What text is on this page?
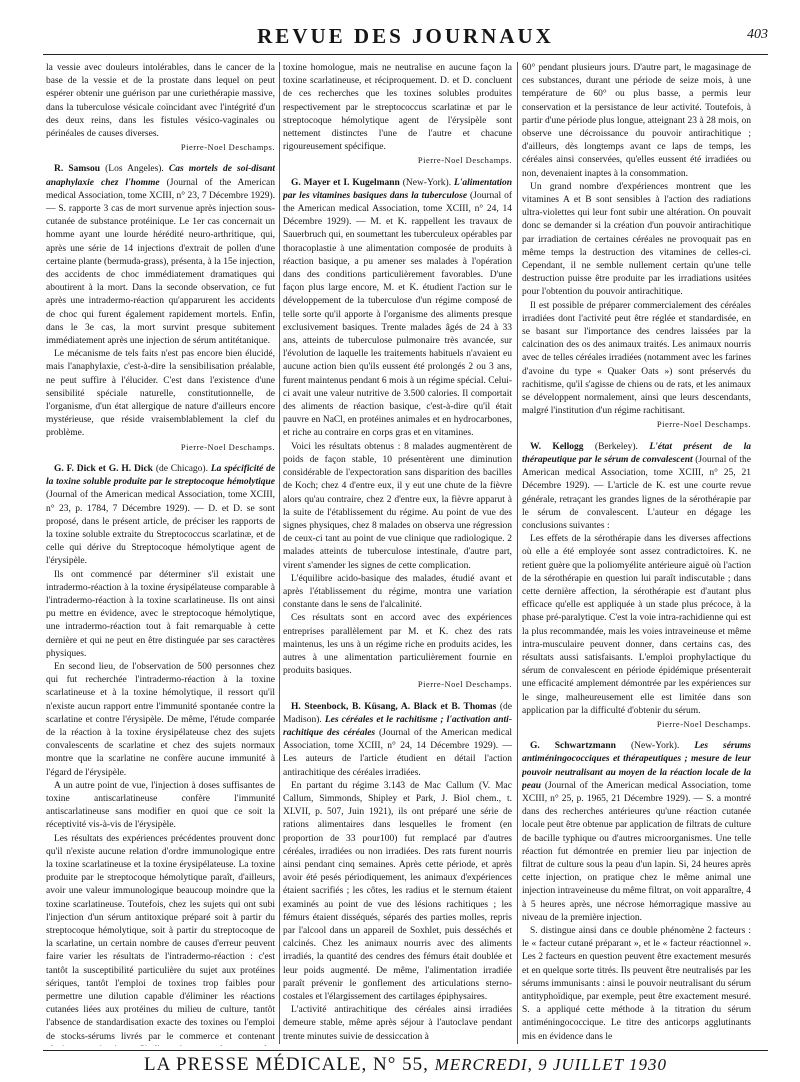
REVUE DES JOURNAUX	403

la vessie avec douleurs intolérables, dans le cancer de la base de la vessie et de la prostate dans lequel on peut espérer obtenir une guérison par une curiethérapie massive, dans la tuberculose vésicale coïncidant avec l'intégrité d'un des deux reins, dans les fistules vésico-vaginales ou périnéales de causes diverses.

Pierre-Noel Deschamps.

R. Samsou (Los Angeles). Cas mortels de soi-disant anaphylaxie chez l'homme (Journal of the American medical Association, tome XCIII, n° 23, 7 Décembre 1929). — S. rapporte 3 cas de mort survenue après injection sous-cutanée de substance protéinique. Le 1er cas concernait un homme ayant une lourde hérédité neuro-arthritique, qui, après une série de 14 injections d'extrait de pollen d'une certaine plante (bermuda-grass), présenta, à la 15e injection, des accidents de choc immédiatement dramatiques qui aboutirent à la mort. Dans la seconde observation, ce fut après une intradermo-réaction qu'apparurent les accidents de choc qui furent également rapidement mortels. Enfin, dans le 3e cas, la mort survint presque subitement immédiatement après une injection de sérum antitétanique.

Le mécanisme de tels faits n'est pas encore bien élucidé, mais l'anaphylaxie, c'est-à-dire la sensibilisation préalable, ne peut suffire à l'élucider. C'est dans l'existence d'une sensibilité spéciale naturelle, constitutionnelle, de l'organisme, d'un état allergique de nature d'ailleurs encore mystérieuse, que réside vraisemblablement la clef du problème.

Pierre-Noel Deschamps.

G. F. Dick et G. H. Dick (de Chicago). La spécificité de la toxine soluble produite par le streptocoque hémolytique (Journal of the American medical Association, tome XCIII, n° 23, p. 1784, 7 Décembre 1929). — D. et D. se sont proposé, dans le présent article, de préciser les rapports de la toxine soluble extraite du Streptococcus scarlatinæ, et de celle qui dérive du Streptocoque hémolytique agent de l'érysipèle.

Ils ont commencé par déterminer s'il existait une intradermo-réaction à la toxine érysipélateuse comparable à l'intradermo-réaction à la toxine scarlatineuse. Ils ont ainsi pu mettre en évidence, avec le streptocoque hémolytique, une intradermo-réaction tout à fait remarquable à cette dernière et qui ne peut en être distinguée par ses caractères physiques.

En second lieu, de l'observation de 500 personnes chez qui fut recherchée l'intradermo-réaction à la toxine scarlatineuse et à la toxine hémolytique, il ressort qu'il n'existe aucun rapport entre l'immunité spontanée contre la scarlatine et contre l'érysipèle. De même, l'étude comparée de la réaction à la toxine érysipélateuse chez des sujets convalescents de scarlatine et chez des sujets normaux montre que la scarlatine ne confère aucune immunité à l'égard de l'érysipèle.

A un autre point de vue, l'injection à doses suffisantes de toxine antiscarlatineuse confère l'immunité antiscarlatineuse sans modifier en quoi que ce soit la réceptivité vis-à-vis de l'érysipèle.

Les résultats des expériences précédentes prouvent donc qu'il n'existe aucune relation d'ordre immunologique entre la toxine scarlatineuse et la toxine érysipélateuse. La toxine produite par le streptocoque hémolytique paraît, d'ailleurs, avoir une valeur immunologique beaucoup moindre que la toxine scarlatineuse. Toutefois, chez les sujets qui ont subi l'injection d'un sérum antitoxique préparé soit à partir du streptocoque hémolytique, soit à partir du streptocoque de la scarlatine, un certain nombre de causes d'erreur peuvent faire varier les résultats de l'intradermo-réaction : c'est tantôt la susceptibilité particulière du sujet aux protéines sériques, tantôt l'emploi de toxines trop faibles pour permettre une dilution capable d'éliminer les réactions cutanées liées aux protéines du milieu de culture, tantôt l'absence de standardisation exacte des toxines ou l'emploi de stocks-sérums livrés par le commerce et contenant

toxine homologue, mais ne neutralise en aucune façon la toxine scarlatineuse, et réciproquement. D. et D. concluent de ces recherches que les toxines solubles produites respectivement par le streptococcus scarlatinæ et par le streptocoque hémolytique agent de l'érysipèle sont nettement distinctes l'une de l'autre et chacune rigoureusement spécifique.

Pierre-Noel Deschamps.

G. Mayer et I. Kugelmann (New-York). L'alimentation par les vitamines basiques dans la tuberculose (Journal of the American medical Association, tome XCIII, n° 24, 14 Décembre 1929). — M. et K. rappellent les travaux de Sauerbruch qui, en soumettant les tuberculeux opérables par thoracoplastie à une alimentation composée de produits à réaction basique, a pu amener ses malades à l'opération dans des conditions particulièrement favorables. D'une façon plus large encore, M. et K. étudient l'action sur le développement de la tuberculose d'un régime composé de telle sorte qu'il apporte à l'organisme des aliments presque exclusivement basiques. Trente malades âgés de 24 à 33 ans, atteints de tuberculose pulmonaire très avancée, sur l'évolution de laquelle les traitements habituels n'avaient eu aucune action bien qu'ils eussent été prolongés 2 ou 3 ans, furent maintenus pendant 6 mois à un régime spécial. Celui-ci avait une valeur nutritive de 3.500 calories. Il comportait des aliments de réaction basique, c'est-à-dire qu'il était pauvre en NaCl, en protéines animales et en hydrocarbones, et riche au contraire en corps gras et en vitamines.

Voici les résultats obtenus : 8 malades augmentèrent de poids de façon stable, 10 présentèrent une diminution considérable de l'expectoration sans disparition des bacilles de Koch; chez 4 d'entre eux, il y eut une chute de la fièvre alors qu'au contraire, chez 2 d'entre eux, la fièvre apparut à la suite de l'établissement du régime. Au point de vue des signes physiques, chez 8 malades on observa une régression de ceux-ci tant au point de vue clinique que radiologique. 2 malades atteints de tuberculose intestinale, d'autre part, virent s'amender les signes de cette complication.

L'équilibre acido-basique des malades, étudié avant et après l'établissement du régime, montra une variation constante dans le sens de l'alcalinité.

Ces résultats sont en accord avec des expériences entreprises parallèlement par M. et K. chez des rats maintenus, les uns à un régime riche en produits acides, les autres à une alimentation particulièrement fournie en produits basiques.

Pierre-Noel Deschamps.

H. Steenbock, B. Küsang, A. Black et B. Thomas (de Madison). Les céréales et le rachitisme ; l'activation anti-rachitique des céréales (Journal of the American medical Association, tome XCIII, n° 24, 14 Décembre 1929). — Les auteurs de l'article étudient en détail l'action antirachitique des céréales irradiées.

En partant du régime 3.143 de Mac Callum (V. Mac Callum, Simmonds, Shipley et Park, J. Biol chem., t. XLVII, p. 507, Juin 1921), ils ont préparé une série de rations alimentaires dans lesquelles le froment (en proportion de 33 pour100) fut remplacé par d'autres céréales, irradiées ou non irradiées. Des rats furent nourris ainsi pendant cinq semaines. Après cette période, et après avoir été pesés périodiquement, les animaux d'expériences étaient sacrifiés ; les côtes, les radius et le sternum étaient examinés au point de vue des lésions rachitiques ; les fémurs étaient disséqués, séparés des parties molles, repris par l'alcool dans un appareil de Soxhlet, puis desséchés et calcinés. Chez les animaux nourris avec des aliments irradiés, la quantité des cendres des fémurs était doublée et leur poids augmenté. De même, l'alimentation irradiée paraît prévenir le gonflement des articulations sterno-costales et l'élargissement des cartilages épiphysaires.

L'activité antirachitique des céréales ainsi irradiées demeure stable, même après séjour à l'autoclave pendant trente minutes suivie de dessiccation à

60° pendant plusieurs jours. D'autre part, le magasinage de ces substances, durant une période de seize mois, à une température de 60° ou plus basse, a permis leur conservation et la persistance de leur activité. Toutefois, à partir d'une période plus longue, atteignant 23 à 28 mois, on observe une décroissance du pouvoir antirachitique ; d'ailleurs, dès longtemps avant ce laps de temps, les céréales ainsi conservées, qu'elles eussent été irradiées ou non, devenaient inaptes à la consommation.

Un grand nombre d'expériences montrent que les vitamines A et B sont sensibles à l'action des radiations ultra-violettes qui leur font subir une altération. On pouvait donc se demander si la création d'un pouvoir antirachitique par irradiation de certaines céréales ne provoquait pas en même temps la destruction des vitamines de celles-ci. Cependant, il ne semble nullement certain qu'une telle destruction puisse être produite par les irradiations usitées pour l'obtention du pouvoir antirachitique.

Il est possible de préparer commercialement des céréales irradiées dont l'activité peut être réglée et standardisée, en se basant sur l'importance des cendres laissées par la calcination des os des animaux traités. Les animaux nourris avec de telles céréales irradiées (notamment avec les farines d'avoine du type « Quaker Oats ») sont préservés du rachitisme, qu'il s'agisse de chiens ou de rats, et les animaux se développent normalement, ainsi que leurs descendants, malgré l'institution d'un régime rachitisant.

Pierre-Noel Deschamps.

W. Kellogg (Berkeley). L'état présent de la thérapeutique par le sérum de convalescent (Journal of the American medical Association, tome XCIII, n° 25, 21 Décembre 1929). — L'article de K. est une courte revue générale, retraçant les grandes lignes de la sérothérapie par le sérum de convalescent. L'auteur en dégage les conclusions suivantes :

Les effets de la sérothérapie dans les diverses affections où elle a été employée sont assez contradictoires. K. ne retient guère que la poliomyélite antérieure aiguë où l'action de la sérothérapie en question lui paraît indiscutable ; dans cette dernière affection, la sérothérapie est d'autant plus efficace qu'elle est appliquée à un stade plus précoce, à la phase pré-paralytique. C'est la voie intra-rachidienne qui est la plus recommandée, mais les voies intraveineuse et même intra-musculaire peuvent donner, dans certains cas, des résultats aussi satisfaisants. L'emploi prophylactique du sérum de convalescent en période épidémique présenterait une efficacité amplement démontrée par les expériences sur le singe, malheureusement elle est limitée dans son application par la difficulté d'obtenir du sérum.

Pierre-Noel Deschamps.

G. Schwartzmann (New-York). Les sérums antiméningococciques et thérapeutiques ; mesure de leur pouvoir neutralisant au moyen de la réaction locale de la peau (Journal of the American medical Association, tome XCIII, n° 25, p. 1965, 21 Décembre 1929). — S. a montré dans des recherches antérieures qu'une réaction cutanée locale peut être obtenue par application de filtrats de culture de bacille typhique ou d'autres microorganismes. Une telle réaction fut démontrée en premier lieu par injection de filtrat de culture sous la peau d'un lapin. Si, 24 heures après cette injection, on pratique chez le même animal une injection intraveineuse du même filtrat, on voit apparaître, 4 à 5 heures après, une nécrose hémorragique massive au niveau de la première injection.

S. distingue ainsi dans ce double phénomène 2 facteurs : le « facteur cutané préparant », et le « facteur réactionnel ». Les 2 facteurs en question peuvent être exactement mesurés et en quelque sorte titrés. Ils peuvent être neutralisés par les sérums immunisants : ainsi le pouvoir neutralisant du sérum antityphoïdique, par exemple, peut être exactement mesuré. S. a appliqué cette méthode à la titration du sérum antiméningococcique. Le titre des anticorps agglutinants mis en évidence dans le

LA PRESSE MÉDICALE, N° 55, MERCREDI, 9 JUILLET 1930
